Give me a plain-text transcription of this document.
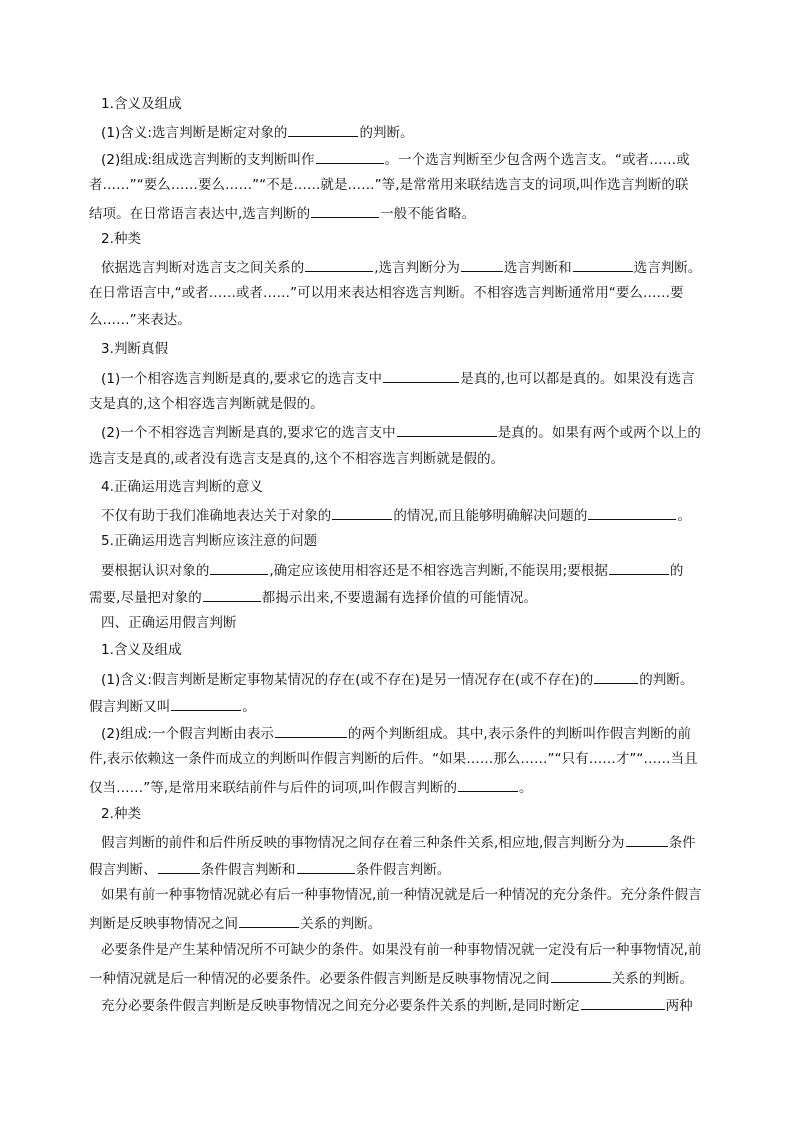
1.含义及组成
(1)含义:选言判断是断定对象的	的判断。
(2)组成:组成选言判断的支判断叫作	。一个选言判断至少包含两个选言支。“或者……或
者……”“要么……要么……”“不是……就是……”等,是常常用来联结选言支的词项,叫作选言判断的联
结项。在日常语言表达中,选言判断的	一般不能省略。
2.种类
依据选言判断对选言支之间关系的	,选言判断分为	选言判断和	选言判断。
在日常语言中,“或者……或者……”可以用来表达相容选言判断。不相容选言判断通常用“要么……要
么……”来表达。
3.判断真假
(1)一个相容选言判断是真的,要求它的选言支中	是真的,也可以都是真的。如果没有选言
支是真的,这个相容选言判断就是假的。
(2)一个不相容选言判断是真的,要求它的选言支中	是真的。如果有两个或两个以上的
选言支是真的,或者没有选言支是真的,这个不相容选言判断就是假的。
4.正确运用选言判断的意义
不仅有助于我们准确地表达关于对象的	的情况,而且能够明确解决问题的	。
5.正确运用选言判断应该注意的问题
要根据认识对象的	,确定应该使用相容还是不相容选言判断,不能误用;要根据	的
需要,尽量把对象的	都揭示出来,不要遗漏有选择价值的可能情况。
四、正确运用假言判断
1.含义及组成
(1)含义:假言判断是断定事物某情况的存在(或不存在)是另一情况存在(或不存在)的	的判断。
假言判断又叫	。
(2)组成:一个假言判断由表示	的两个判断组成。其中,表示条件的判断叫作假言判断的前
件,表示依赖这一条件而成立的判断叫作假言判断的后件。“如果……那么……”“只有……才”“……当且
仅当……”等,是常用来联结前件与后件的词项,叫作假言判断的	。
2.种类
假言判断的前件和后件所反映的事物情况之间存在着三种条件关系,相应地,假言判断分为	条件
假言判断、	条件假言判断和	条件假言判断。
如果有前一种事物情况就必有后一种事物情况,前一种情况就是后一种情况的充分条件。充分条件假言
判断是反映事物情况之间	关系的判断。
必要条件是产生某种情况所不可缺少的条件。如果没有前一种事物情况就一定没有后一种事物情况,前
一种情况就是后一种情况的必要条件。必要条件假言判断是反映事物情况之间	关系的判断。
充分必要条件假言判断是反映事物情况之间充分必要条件关系的判断,是同时断定	两种
